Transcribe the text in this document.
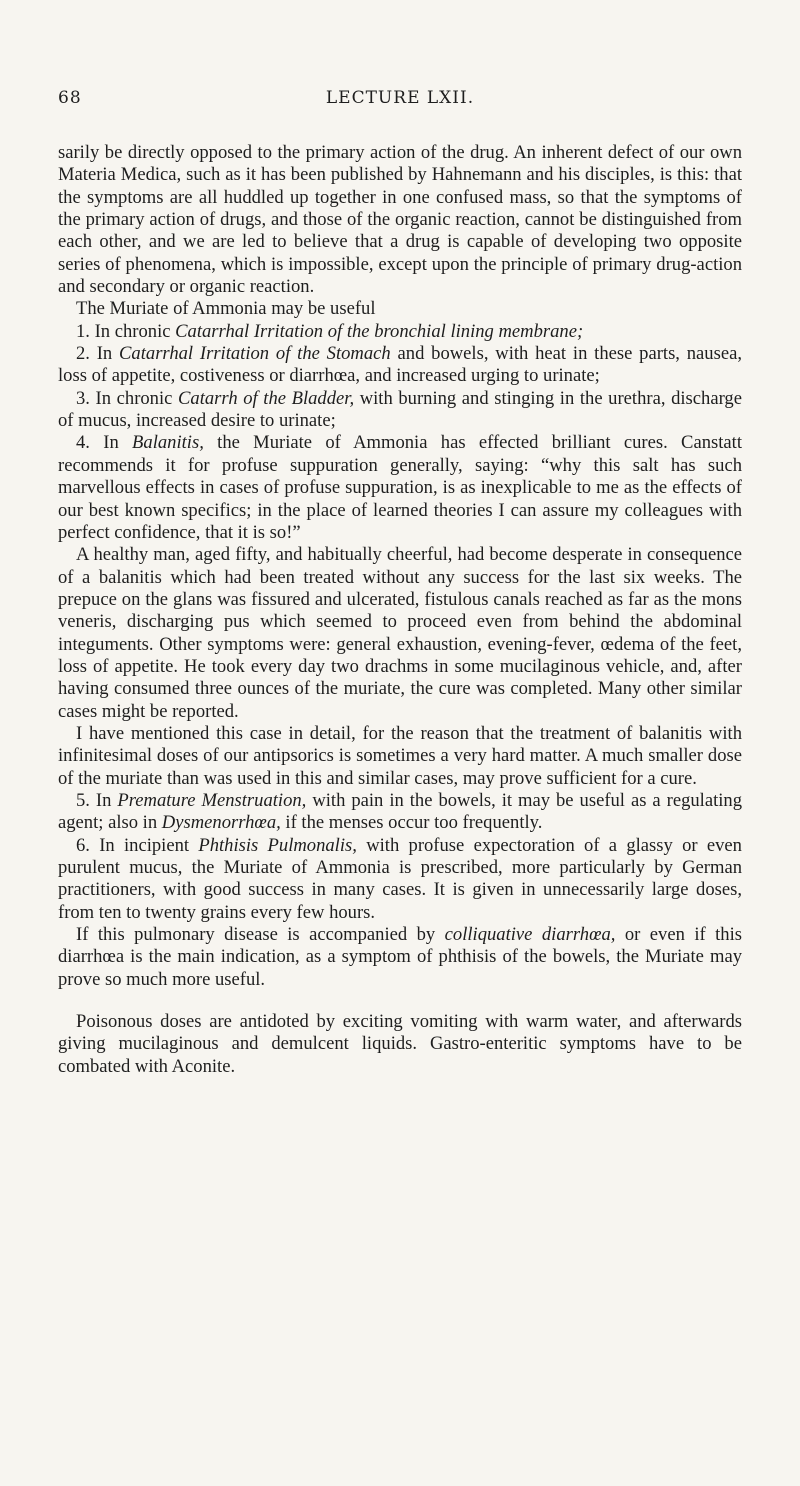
68	LECTURE LXII.

sarily be directly opposed to the primary action of the drug. An inherent defect of our own Materia Medica, such as it has been published by Hahnemann and his disciples, is this: that the symptoms are all huddled up together in one confused mass, so that the symptoms of the primary action of drugs, and those of the organic reaction, cannot be distinguished from each other, and we are led to believe that a drug is capable of developing two opposite series of phenomena, which is impossible, except upon the principle of primary drug-action and secondary or organic reaction.

The Muriate of Ammonia may be useful

1. In chronic Catarrhal Irritation of the bronchial lining membrane;

2. In Catarrhal Irritation of the Stomach and bowels, with heat in these parts, nausea, loss of appetite, costiveness or diarrhœa, and increased urging to urinate;

3. In chronic Catarrh of the Bladder, with burning and stinging in the urethra, discharge of mucus, increased desire to urinate;

4. In Balanitis, the Muriate of Ammonia has effected brilliant cures. Canstatt recommends it for profuse suppuration generally, saying: “why this salt has such marvellous effects in cases of profuse suppuration, is as inexplicable to me as the effects of our best known specifics; in the place of learned theories I can assure my colleagues with perfect confidence, that it is so!”

A healthy man, aged fifty, and habitually cheerful, had become desperate in consequence of a balanitis which had been treated without any success for the last six weeks. The prepuce on the glans was fissured and ulcerated, fistulous canals reached as far as the mons veneris, discharging pus which seemed to proceed even from behind the abdominal integuments. Other symptoms were: general exhaustion, evening-fever, œdema of the feet, loss of appetite. He took every day two drachms in some mucilaginous vehicle, and, after having consumed three ounces of the muriate, the cure was completed. Many other similar cases might be reported.

I have mentioned this case in detail, for the reason that the treatment of balanitis with infinitesimal doses of our antipsorics is sometimes a very hard matter. A much smaller dose of the muriate than was used in this and similar cases, may prove sufficient for a cure.

5. In Premature Menstruation, with pain in the bowels, it may be useful as a regulating agent; also in Dysmenorrhœa, if the menses occur too frequently.

6. In incipient Phthisis Pulmonalis, with profuse expectoration of a glassy or even purulent mucus, the Muriate of Ammonia is prescribed, more particularly by German practitioners, with good success in many cases. It is given in unnecessarily large doses, from ten to twenty grains every few hours.

If this pulmonary disease is accompanied by colliquative diarrhœa, or even if this diarrhœa is the main indication, as a symptom of phthisis of the bowels, the Muriate may prove so much more useful.

Poisonous doses are antidoted by exciting vomiting with warm water, and afterwards giving mucilaginous and demulcent liquids. Gastro-enteritic symptoms have to be combated with Aconite.
